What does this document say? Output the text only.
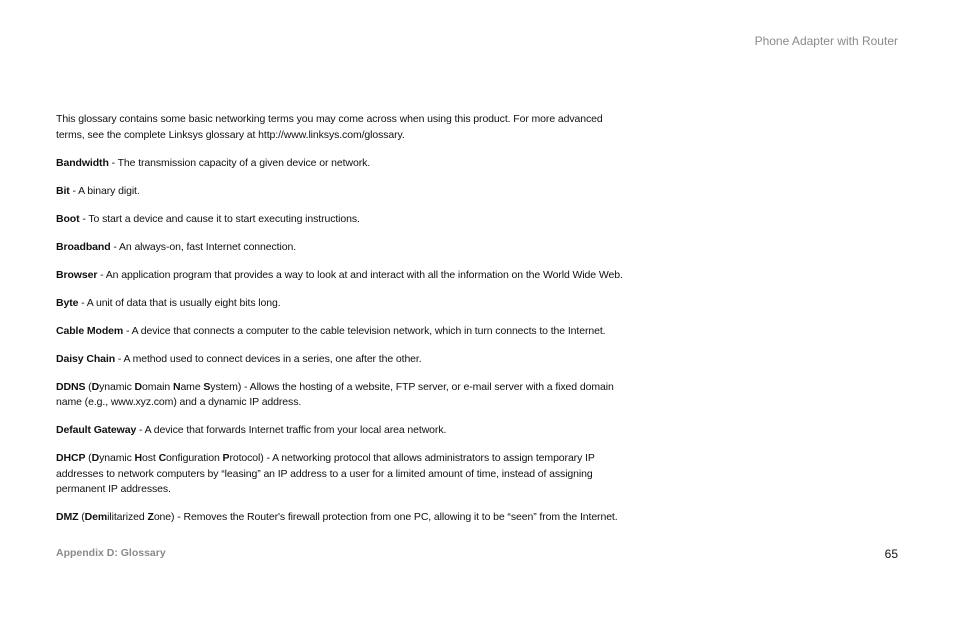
Phone Adapter with Router

This glossary contains some basic networking terms you may come across when using this product. For more advanced
terms, see the complete Linksys glossary at http://www.linksys.com/glossary.

Bandwidth - The transmission capacity of a given device or network.

Bit - A binary digit.

Boot - To start a device and cause it to start executing instructions.

Broadband - An always-on, fast Internet connection.

Browser - An application program that provides a way to look at and interact with all the information on the World Wide Web.

Byte - A unit of data that is usually eight bits long.

Cable Modem - A device that connects a computer to the cable television network, which in turn connects to the Internet.

Daisy Chain - A method used to connect devices in a series, one after the other.

DDNS (Dynamic Domain Name System) - Allows the hosting of a website, FTP server, or e-mail server with a fixed domain
name (e.g., www.xyz.com) and a dynamic IP address.

Default Gateway - A device that forwards Internet traffic from your local area network.

DHCP (Dynamic Host Configuration Protocol) - A networking protocol that allows administrators to assign temporary IP
addresses to network computers by “leasing” an IP address to a user for a limited amount of time, instead of assigning
permanent IP addresses.

DMZ (Demilitarized Zone) - Removes the Router's firewall protection from one PC, allowing it to be “seen” from the Internet.

Appendix D: Glossary	65
